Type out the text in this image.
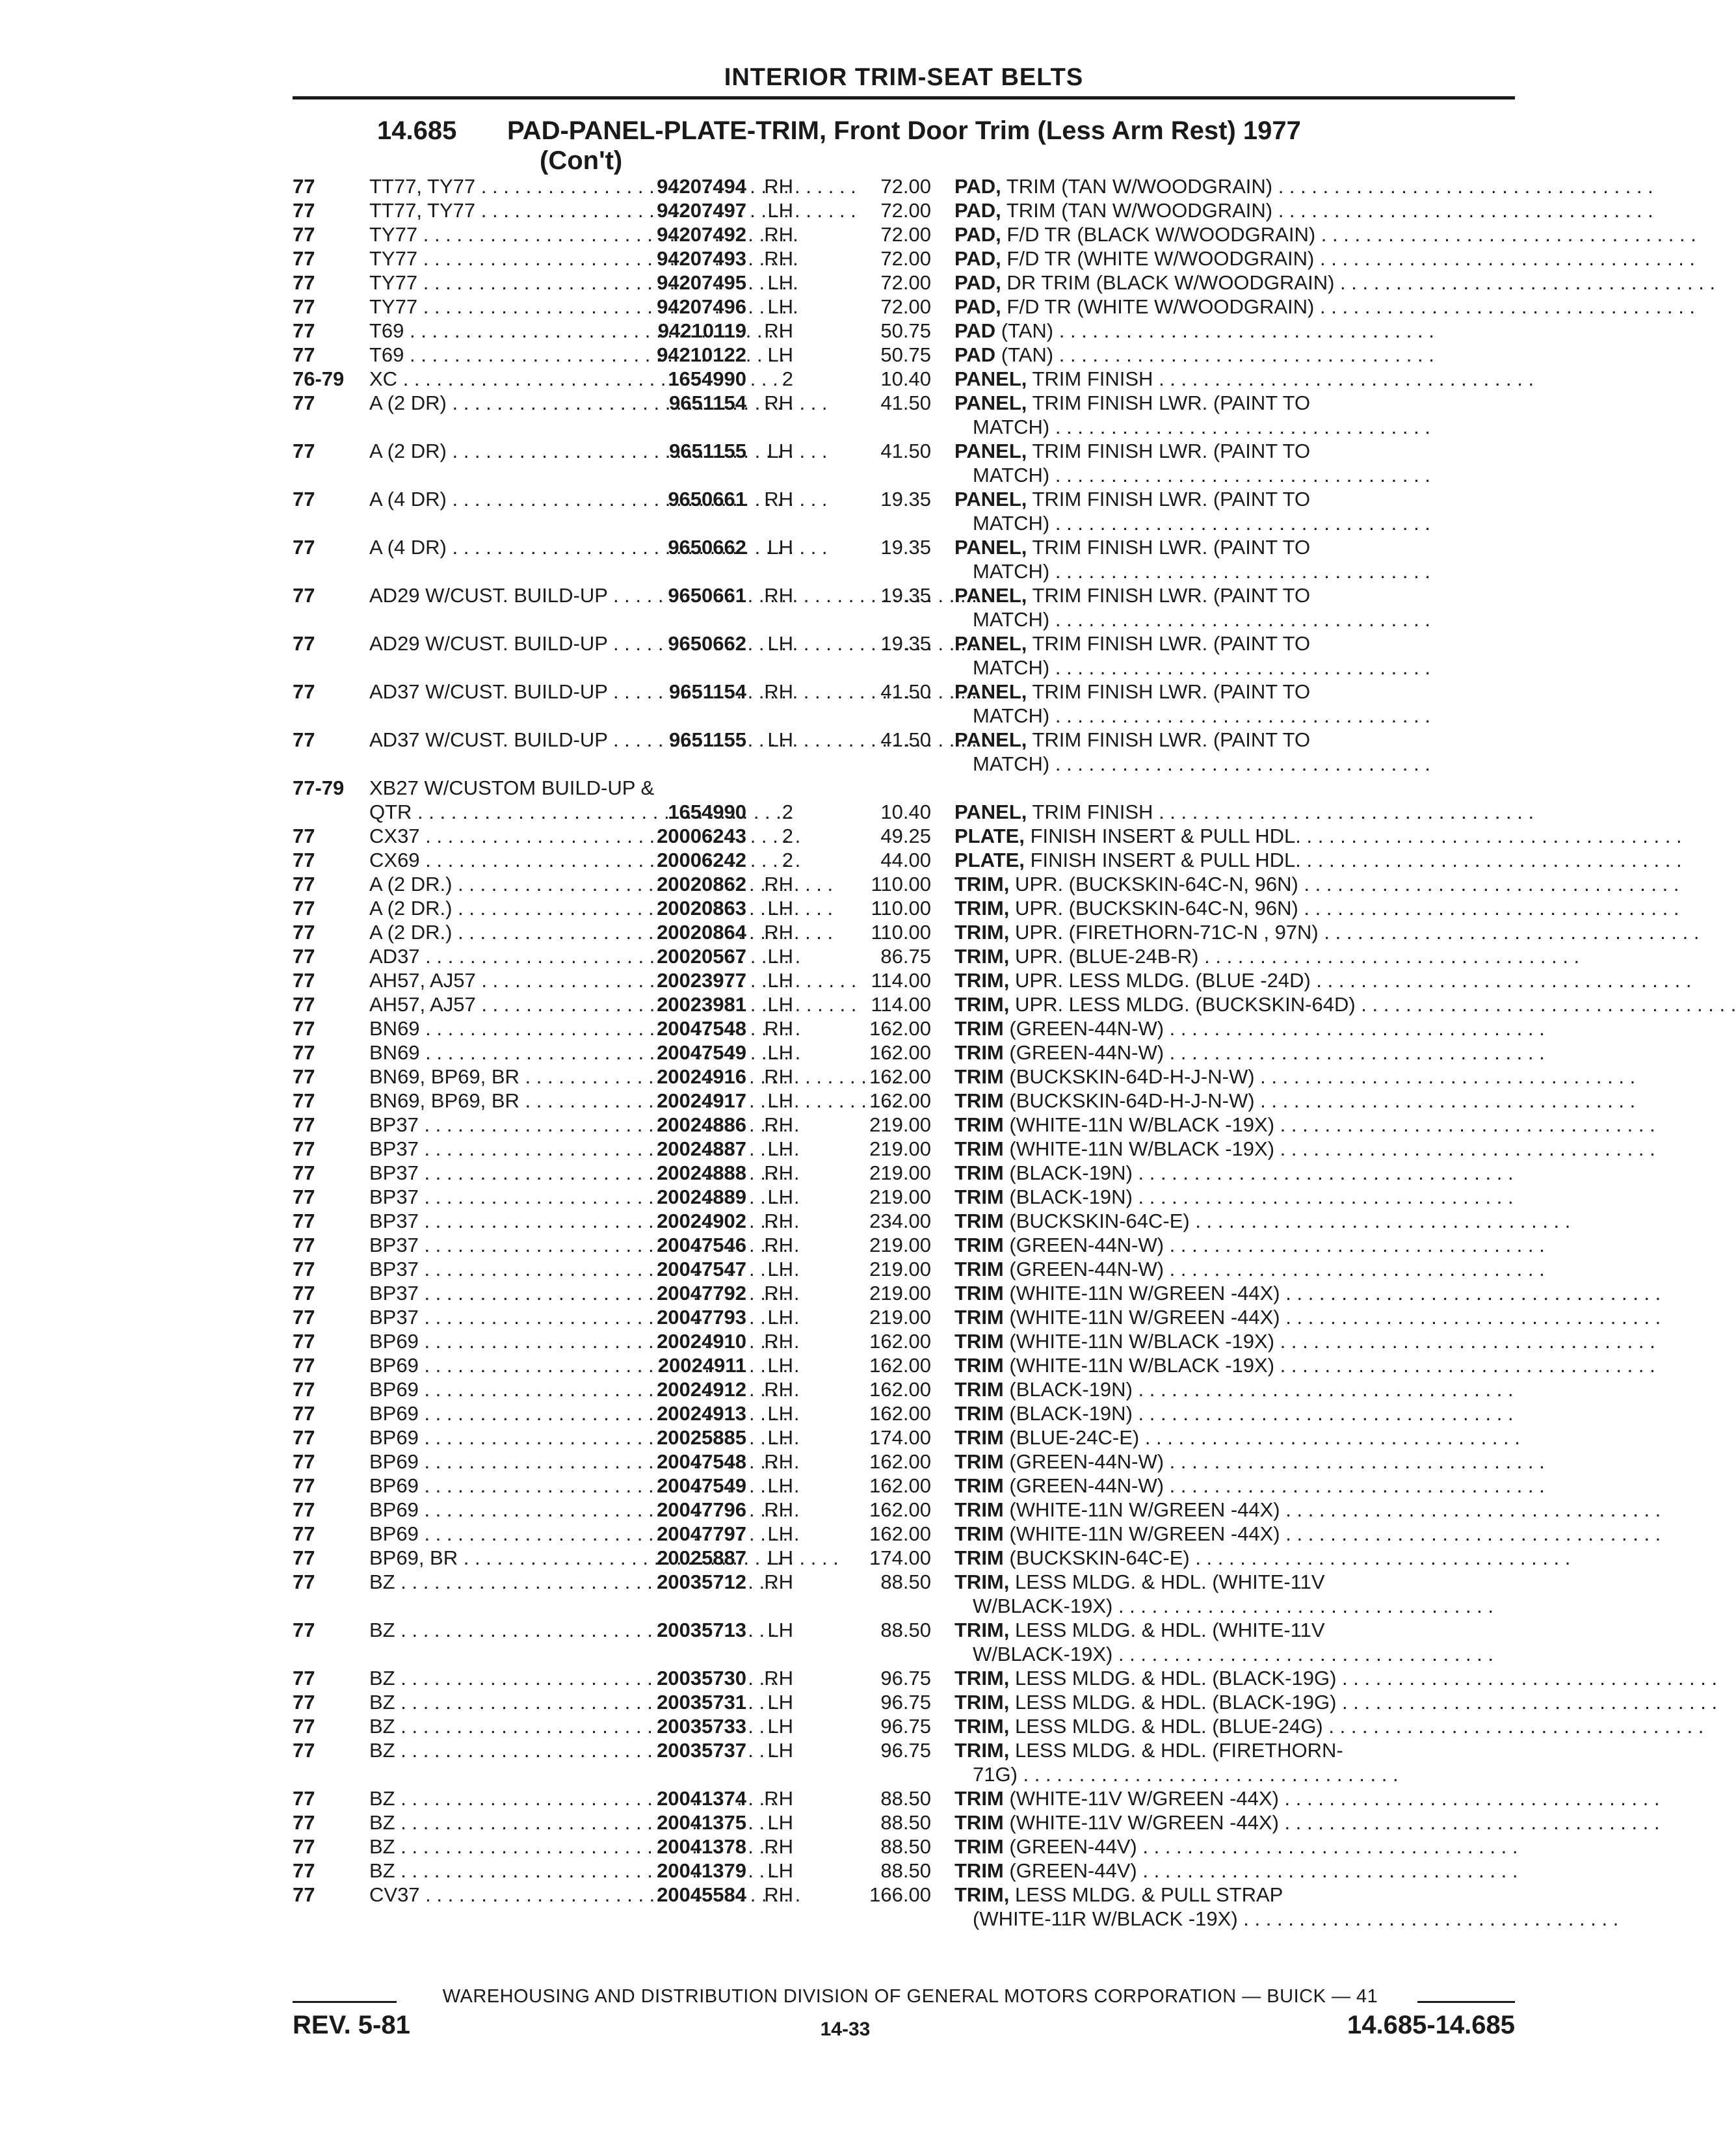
INTERIOR TRIM-SEAT BELTS
14.685 PAD-PANEL-PLATE-TRIM, Front Door Trim (Less Arm Rest) 1977
(Con't)
77	TT77, TY77 . . .	94207494 RH	72.00 PAD, TRIM (TAN W/WOODGRAIN) . . .
77	TT77, TY77 . . .	94207497	LH	72.00 PAD, TRIM (TAN W/WOODGRAIN) . . .
77	TY77 . . .	94207492 RH	72.00 PAD, F/D TR (BLACK W/WOODGRAIN) . . .
77	TY77 . . .	94207493 RH	72.00 PAD, F/D TR (WHITE W/WOODGRAIN) . . .
77	TY77 . . .	94207495	LH	72.00 PAD, DR TRIM (BLACK W/WOODGRAIN) . . .
77	TY77 . . .	94207496	LH	72.00 PAD, F/D TR (WHITE W/WOODGRAIN) . . .
77	T69 . . .	94210119 RH	50.75 PAD (TAN) . . .
77	T69 . . .	94210122	LH	50.75 PAD (TAN) . . .
76-79	XC . . .	1654990	2	10.40 PANEL, TRIM FINISH . . .
77	A (2 DR) . . .	9651154 RH	41.50 PANEL, TRIM FINISH LWR. (PAINT TO
MATCH) . . .
77	A (2 DR) . . .	9651155	LH	41.50 PANEL, TRIM FINISH LWR. (PAINT TO
MATCH) . . .
77	A (4 DR) . . .	9650661 RH	19.35 PANEL, TRIM FINISH LWR. (PAINT TO
MATCH) . . .
77	A (4 DR) . . .	9650662	LH	19.35 PANEL, TRIM FINISH LWR. (PAINT TO
MATCH) . . .
77	AD29 W/CUST. BUILD-UP . . .	9650661 RH	19.35 PANEL, TRIM FINISH LWR. (PAINT TO
MATCH) . . .
77	AD29 W/CUST. BUILD-UP . . .	9650662	LH	19.35 PANEL, TRIM FINISH LWR. (PAINT TO
MATCH) . . .
77	AD37 W/CUST. BUILD-UP . . .	9651154 RH	41.50 PANEL, TRIM FINISH LWR. (PAINT TO
MATCH) . . .
77	AD37 W/CUST. BUILD-UP . . .	9651155	LH	41.50 PANEL, TRIM FINISH LWR. (PAINT TO
MATCH) . . .
77-79	XB27 W/CUSTOM BUILD-UP &
QTR . . .	1654990	2	10.40 PANEL, TRIM FINISH . . .
77	CX37 . . .	20006243	2	49.25 PLATE, FINISH INSERT & PULL HDL. . . .
77	CX69 . . .	20006242	2	44.00 PLATE, FINISH INSERT & PULL HDL. . . .
77	A (2 DR.) . . .	20020862 RH	110.00 TRIM, UPR. (BUCKSKIN-64C-N, 96N) . . .
77	A (2 DR.) . . .	20020863	LH	110.00 TRIM, UPR. (BUCKSKIN-64C-N, 96N) . . .
77	A (2 DR.) . . .	20020864 RH	110.00 TRIM, UPR. (FIRETHORN-71C-N , 97N) . . .
77	AD37 . . .	20020567	LH	86.75 TRIM, UPR. (BLUE-24B-R) . . .
77	AH57, AJ57 . . .	20023977	LH	114.00 TRIM, UPR. LESS MLDG. (BLUE -24D) . . .
77	AH57, AJ57 . . .	20023981	LH	114.00 TRIM, UPR. LESS MLDG. (BUCKSKIN-64D) . . .
77	BN69 . . .	20047548 RH	162.00 TRIM (GREEN-44N-W) . . .
77	BN69 . . .	20047549	LH	162.00 TRIM (GREEN-44N-W) . . .
77	BN69, BP69, BR . . .	20024916 RH	162.00 TRIM (BUCKSKIN-64D-H-J-N-W) . . .
77	BN69, BP69, BR . . .	20024917	LH	162.00 TRIM (BUCKSKIN-64D-H-J-N-W) . . .
77	BP37 . . .	20024886 RH	219.00 TRIM (WHITE-11N W/BLACK -19X) . . .
77	BP37 . . .	20024887	LH	219.00 TRIM (WHITE-11N W/BLACK -19X) . . .
77	BP37 . . .	20024888 RH	219.00 TRIM (BLACK-19N) . . .
77	BP37 . . .	20024889	LH	219.00 TRIM (BLACK-19N) . . .
77	BP37 . . .	20024902 RH	234.00 TRIM (BUCKSKIN-64C-E) . . .
77	BP37 . . .	20047546 RH	219.00 TRIM (GREEN-44N-W) . . .
77	BP37 . . .	20047547	LH	219.00 TRIM (GREEN-44N-W) . . .
77	BP37 . . .	20047792 RH	219.00 TRIM (WHITE-11N W/GREEN -44X) . . .
77	BP37 . . .	20047793	LH	219.00 TRIM (WHITE-11N W/GREEN -44X) . . .
77	BP69 . . .	20024910 RH	162.00 TRIM (WHITE-11N W/BLACK -19X) . . .
77	BP69 . . .	20024911	LH	162.00 TRIM (WHITE-11N W/BLACK -19X) . . .
77	BP69 . . .	20024912 RH	162.00 TRIM (BLACK-19N) . . .
77	BP69 . . .	20024913	LH	162.00 TRIM (BLACK-19N) . . .
77	BP69 . . .	20025885	LH	174.00 TRIM (BLUE-24C-E) . . .
77	BP69 . . .	20047548 RH	162.00 TRIM (GREEN-44N-W) . . .
77	BP69 . . .	20047549	LH	162.00 TRIM (GREEN-44N-W) . . .
77	BP69 . . .	20047796 RH	162.00 TRIM (WHITE-11N W/GREEN -44X) . . .
77	BP69 . . .	20047797	LH	162.00 TRIM (WHITE-11N W/GREEN -44X) . . .
77	BP69, BR . . .	20025887	LH	174.00 TRIM (BUCKSKIN-64C-E) . . .
77	BZ . . .	20035712 RH	88.50 TRIM, LESS MLDG. & HDL. (WHITE-11V
W/BLACK-19X) . . .
77	BZ . . .	20035713	LH	88.50 TRIM, LESS MLDG. & HDL. (WHITE-11V
W/BLACK-19X) . . .
77	BZ . . .	20035730 RH	96.75 TRIM, LESS MLDG. & HDL. (BLACK-19G) . . .
77	BZ . . .	20035731	LH	96.75 TRIM, LESS MLDG. & HDL. (BLACK-19G) . . .
77	BZ . . .	20035733	LH	96.75 TRIM, LESS MLDG. & HDL. (BLUE-24G) . . .
77	BZ . . .	20035737	LH	96.75 TRIM, LESS MLDG. & HDL. (FIRETHORN-
71G) . . .
77	BZ . . .	20041374 RH	88.50 TRIM (WHITE-11V W/GREEN -44X) . . .
77	BZ . . .	20041375	LH	88.50 TRIM (WHITE-11V W/GREEN -44X) . . .
77	BZ . . .	20041378 RH	88.50 TRIM (GREEN-44V) . . .
77	BZ . . .	20041379	LH	88.50 TRIM (GREEN-44V) . . .
77	CV37 . . .	20045584 RH	166.00 TRIM, LESS MLDG. & PULL STRAP
(WHITE-11R W/BLACK -19X) . . .
WAREHOUSING AND DISTRIBUTION DIVISION OF GENERAL MOTORS CORPORATION — BUICK — 41
REV. 5-81	14-33	14.685-14.685
